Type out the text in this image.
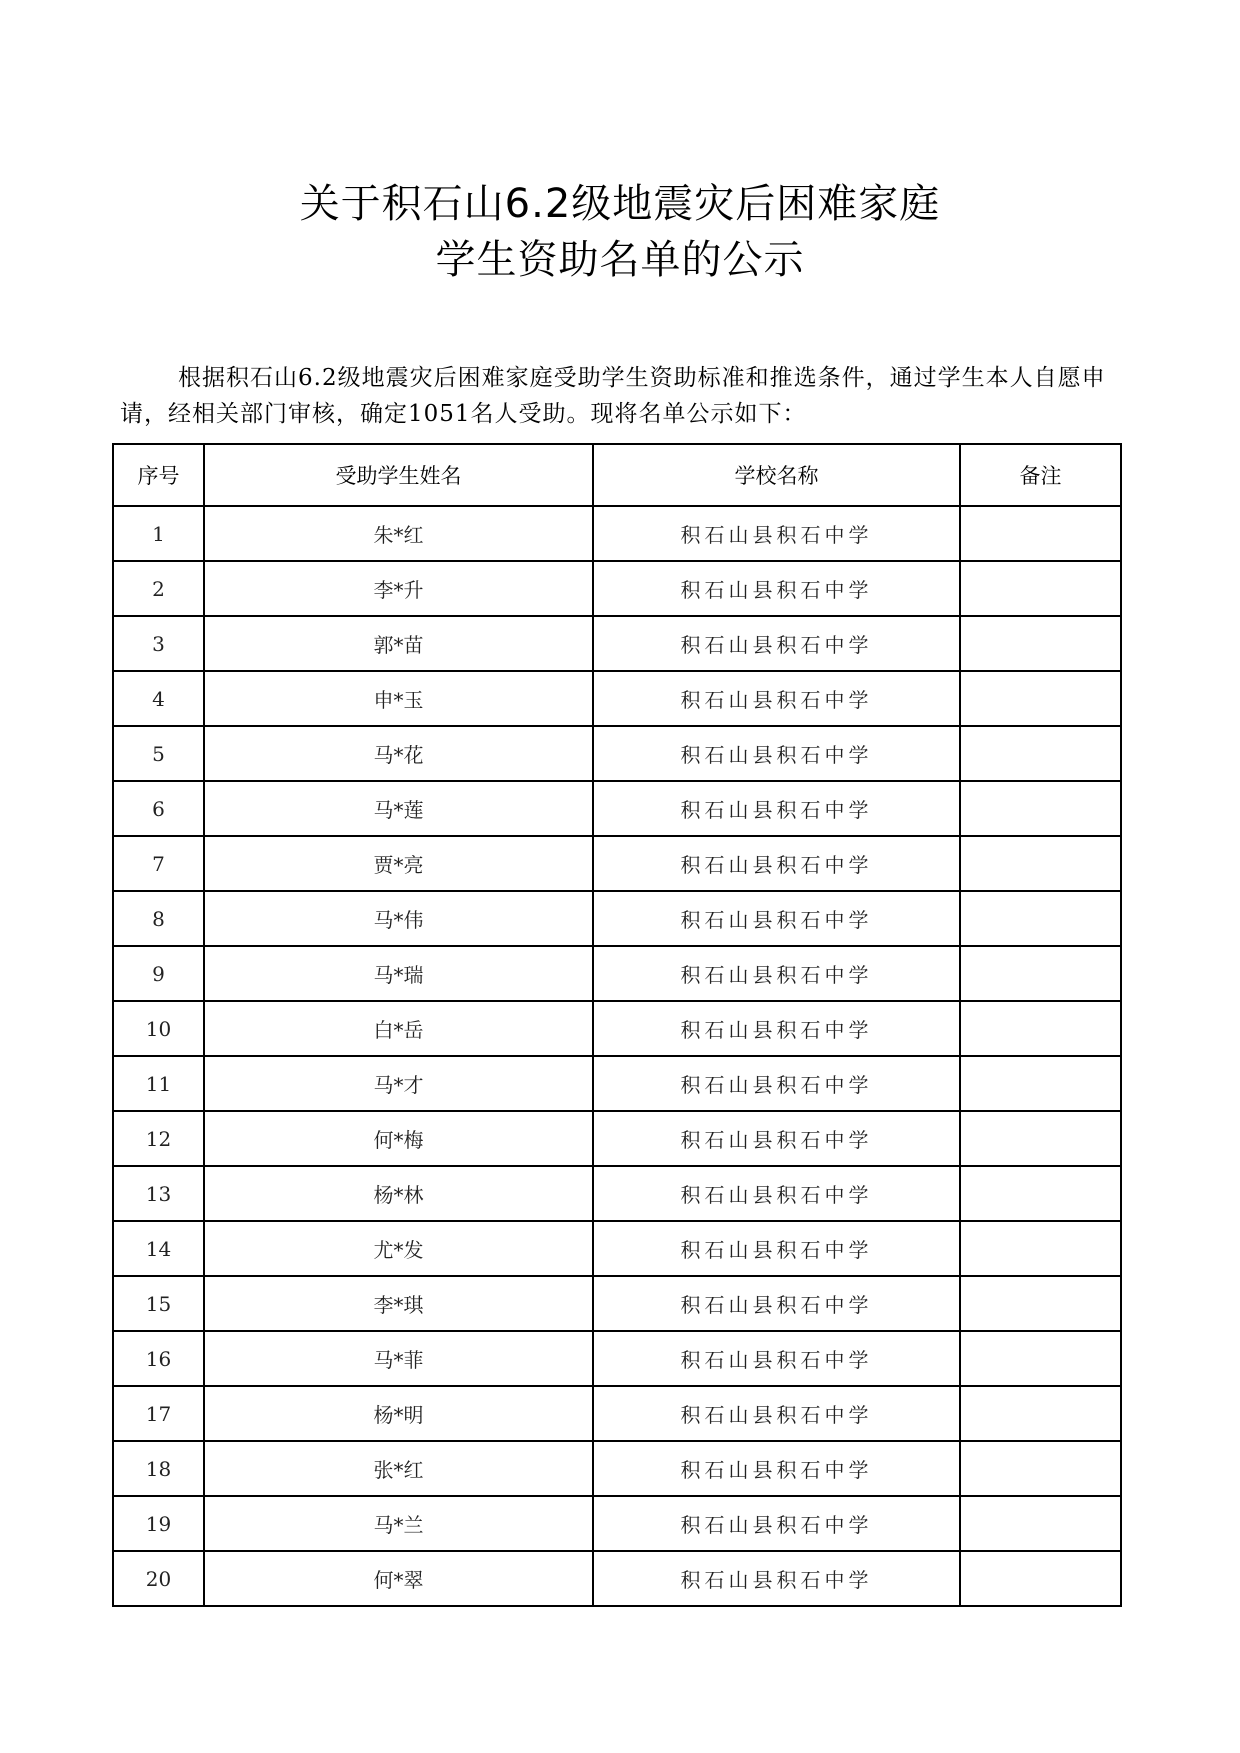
关于积石山6.2级地震灾后困难家庭
学生资助名单的公示

根据积石山6.2级地震灾后困难家庭受助学生资助标准和推选条件，通过学生本人自愿申请，经相关部门审核，确定1051名人受助。现将名单公示如下：

序号	受助学生姓名	学校名称	备注
1	朱*红	积石山县积石中学	
2	李*升	积石山县积石中学	
3	郭*苗	积石山县积石中学	
4	申*玉	积石山县积石中学	
5	马*花	积石山县积石中学	
6	马*莲	积石山县积石中学	
7	贾*亮	积石山县积石中学	
8	马*伟	积石山县积石中学	
9	马*瑞	积石山县积石中学	
10	白*岳	积石山县积石中学	
11	马*才	积石山县积石中学	
12	何*梅	积石山县积石中学	
13	杨*林	积石山县积石中学	
14	尤*发	积石山县积石中学	
15	李*琪	积石山县积石中学	
16	马*菲	积石山县积石中学	
17	杨*明	积石山县积石中学	
18	张*红	积石山县积石中学	
19	马*兰	积石山县积石中学	
20	何*翠	积石山县积石中学	
